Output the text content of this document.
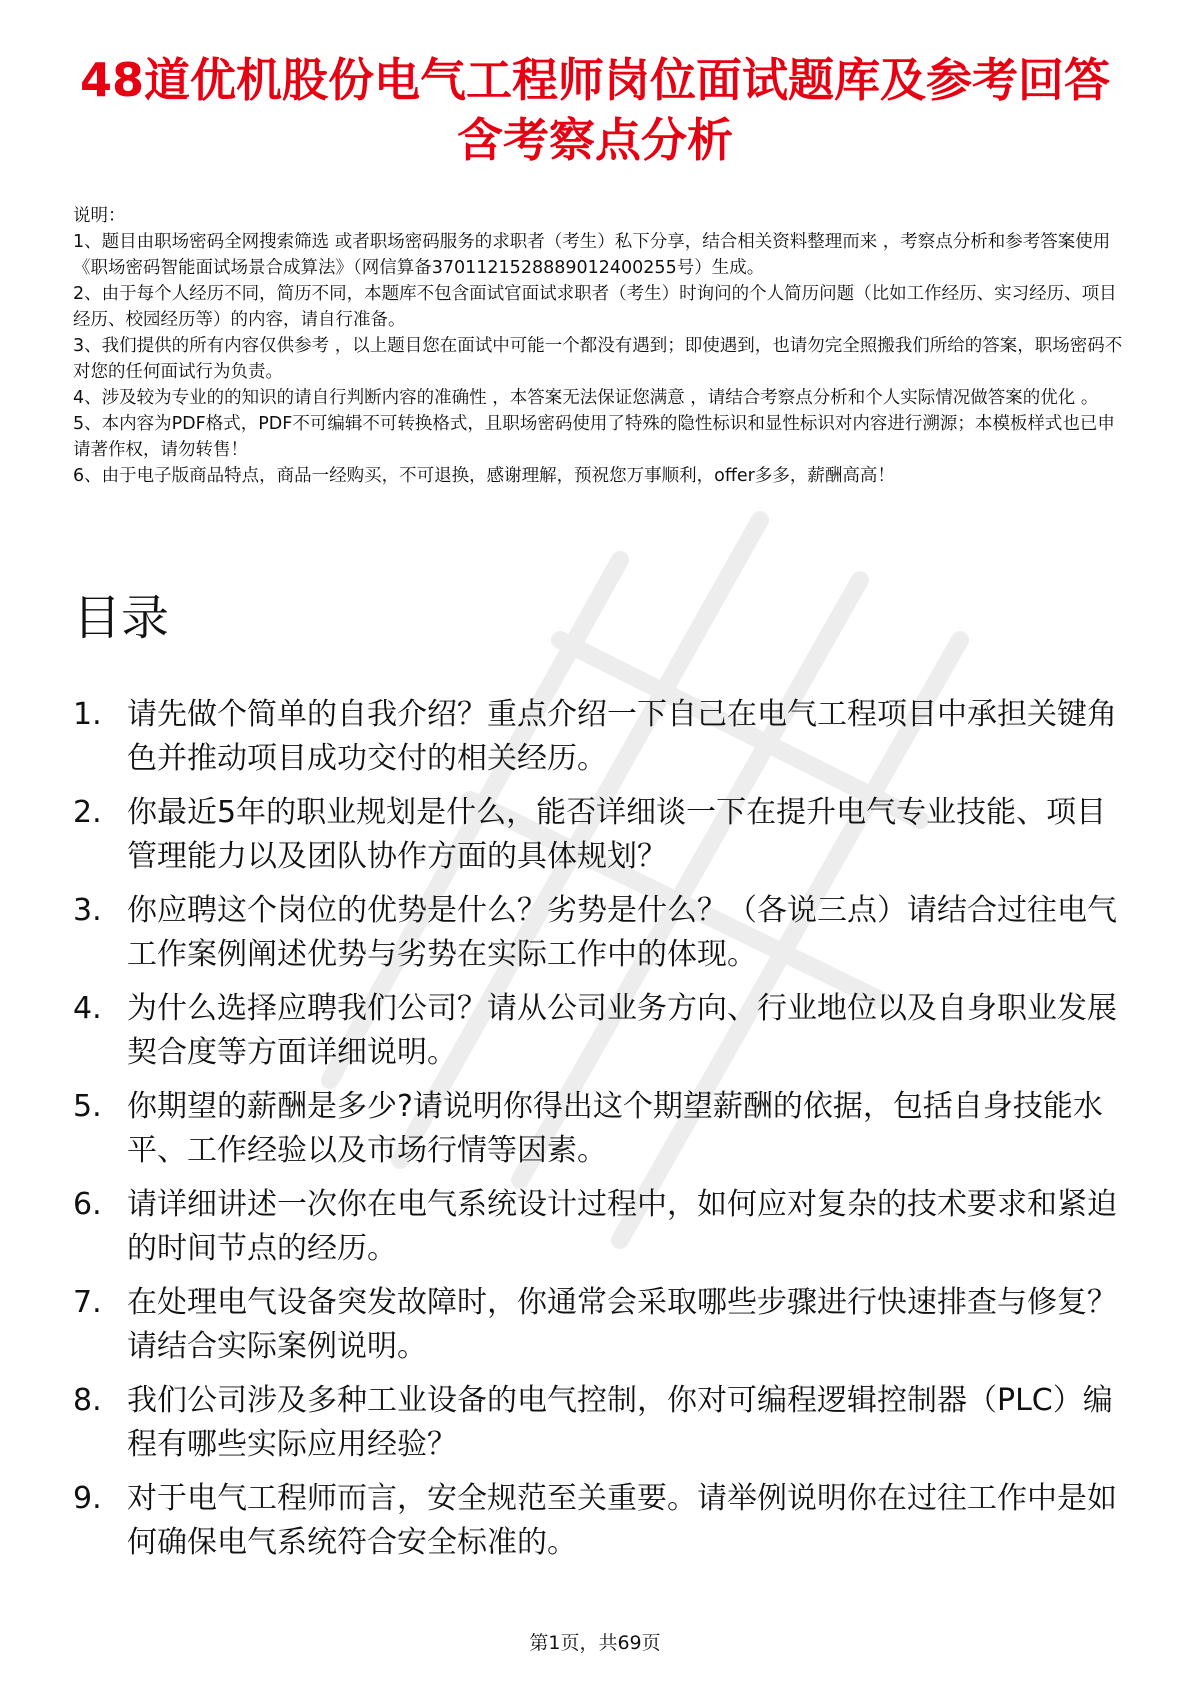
48道优机股份电气工程师岗位面试题库及参考回答含考察点分析

说明：

1、题目由职场密码全网搜索筛选 或者职场密码服务的求职者（考生）私下分享，结合相关资料整理而来 ，考察点分析和参考答案使用《职场密码智能面试场景合成算法》（网信算备3701121528889012400255号）生成。

2、由于每个人经历不同，简历不同，本题库不包含面试官面试求职者（考生）时询问的个人简历问题（比如工作经历、实习经历、项目经历、校园经历等）的内容，请自行准备。

3、我们提供的所有内容仅供参考 ，以上题目您在面试中可能一个都没有遇到；即使遇到，也请勿完全照搬我们所给的答案，职场密码不对您的任何面试行为负责。

4、涉及较为专业的的知识的请自行判断内容的准确性 ，本答案无法保证您满意 ，请结合考察点分析和个人实际情况做答案的优化 。

5、本内容为PDF格式，PDF不可编辑不可转换格式，且职场密码使用了特殊的隐性标识和显性标识对内容进行溯源；本模板样式也已申请著作权，请勿转售！

6、由于电子版商品特点，商品一经购买，不可退换，感谢理解，预祝您万事顺利，offer多多，薪酬高高！

目录
1. 请先做个简单的自我介绍？重点介绍一下自己在电气工程项目中承担关键角色并推动项目成功交付的相关经历。
2. 你最近5年的职业规划是什么，能否详细谈一下在提升电气专业技能、项目管理能力以及团队协作方面的具体规划？
3. 你应聘这个岗位的优势是什么？劣势是什么？（各说三点）请结合过往电气工作案例阐述优势与劣势在实际工作中的体现。
4. 为什么选择应聘我们公司？请从公司业务方向、行业地位以及自身职业发展契合度等方面详细说明。
5. 你期望的薪酬是多少?请说明你得出这个期望薪酬的依据，包括自身技能水平、工作经验以及市场行情等因素。
6. 请详细讲述一次你在电气系统设计过程中，如何应对复杂的技术要求和紧迫的时间节点的经历。
7. 在处理电气设备突发故障时，你通常会采取哪些步骤进行快速排查与修复？请结合实际案例说明。
8. 我们公司涉及多种工业设备的电气控制，你对可编程逻辑控制器（PLC）编程有哪些实际应用经验？
9. 对于电气工程师而言，安全规范至关重要。请举例说明你在过往工作中是如何确保电气系统符合安全标准的。
第1页，共69页
